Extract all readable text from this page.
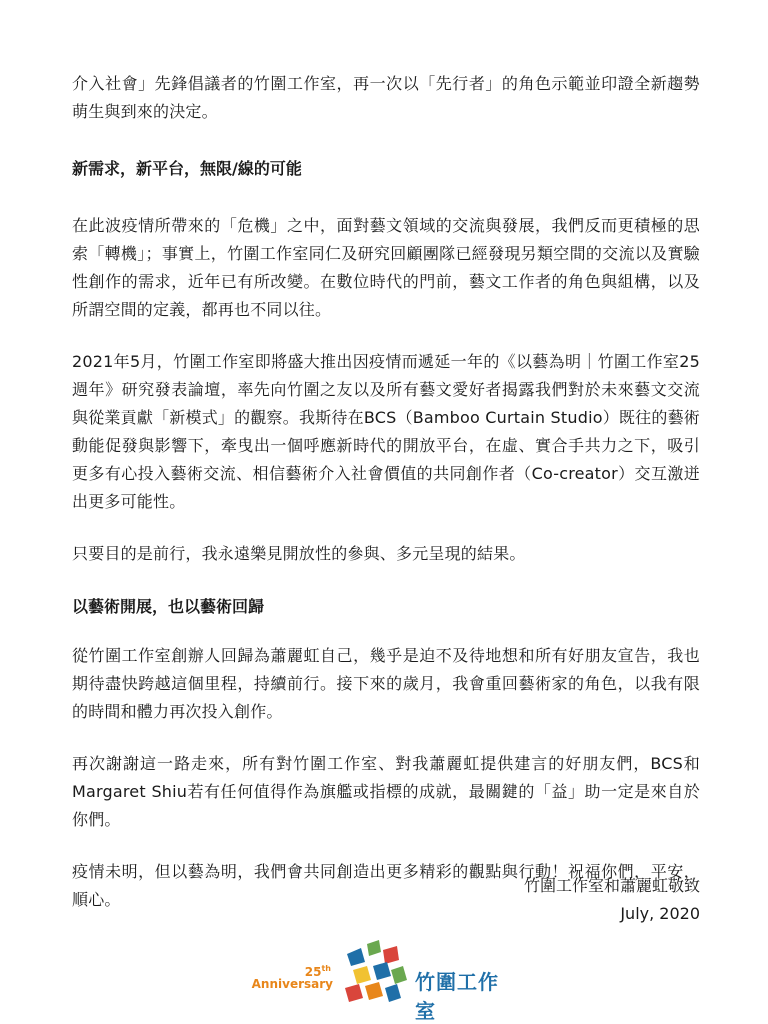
介入社會」先鋒倡議者的竹圍工作室，再一次以「先行者」的角色示範並印證全新趨勢萌生與到來的決定。

新需求，新平台，無限/線的可能

在此波疫情所帶來的「危機」之中，面對藝文領域的交流與發展，我們反而更積極的思索「轉機」；事實上，竹圍工作室同仁及研究回顧團隊已經發現另類空間的交流以及實驗性創作的需求，近年已有所改變。在數位時代的門前，藝文工作者的角色與組構，以及所謂空間的定義，都再也不同以往。

2021年5月，竹圍工作室即將盛大推出因疫情而遞延一年的《以藝為明｜竹圍工作室25週年》研究發表論壇，率先向竹圍之友以及所有藝文愛好者揭露我們對於未來藝文交流與從業貢獻「新模式」的觀察。我斯待在BCS（Bamboo Curtain Studio）既往的藝術動能促發與影響下，牽曳出一個呼應新時代的開放平台，在虛、實合手共力之下，吸引更多有心投入藝術交流、相信藝術介入社會價值的共同創作者（Co-creator）交互激迸出更多可能性。

只要目的是前行，我永遠樂見開放性的參與、多元呈現的結果。

以藝術開展，也以藝術回歸

從竹圍工作室創辦人回歸為蕭麗虹自己，幾乎是迫不及待地想和所有好朋友宣告，我也期待盡快跨越這個里程，持續前行。接下來的歲月，我會重回藝術家的角色，以我有限的時間和體力再次投入創作。

再次謝謝這一路走來，所有對竹圍工作室、對我蕭麗虹提供建言的好朋友們，BCS和Margaret Shiu若有任何值得作為旗艦或指標的成就，最關鍵的「益」助一定是來自於你們。

疫情未明，但以藝為明，我們會共同創造出更多精彩的觀點與行動！祝福你們，平安，順心。

竹圍工作室和蕭麗虹敬致
July, 2020
25th
Anniversary	竹圍工作室
